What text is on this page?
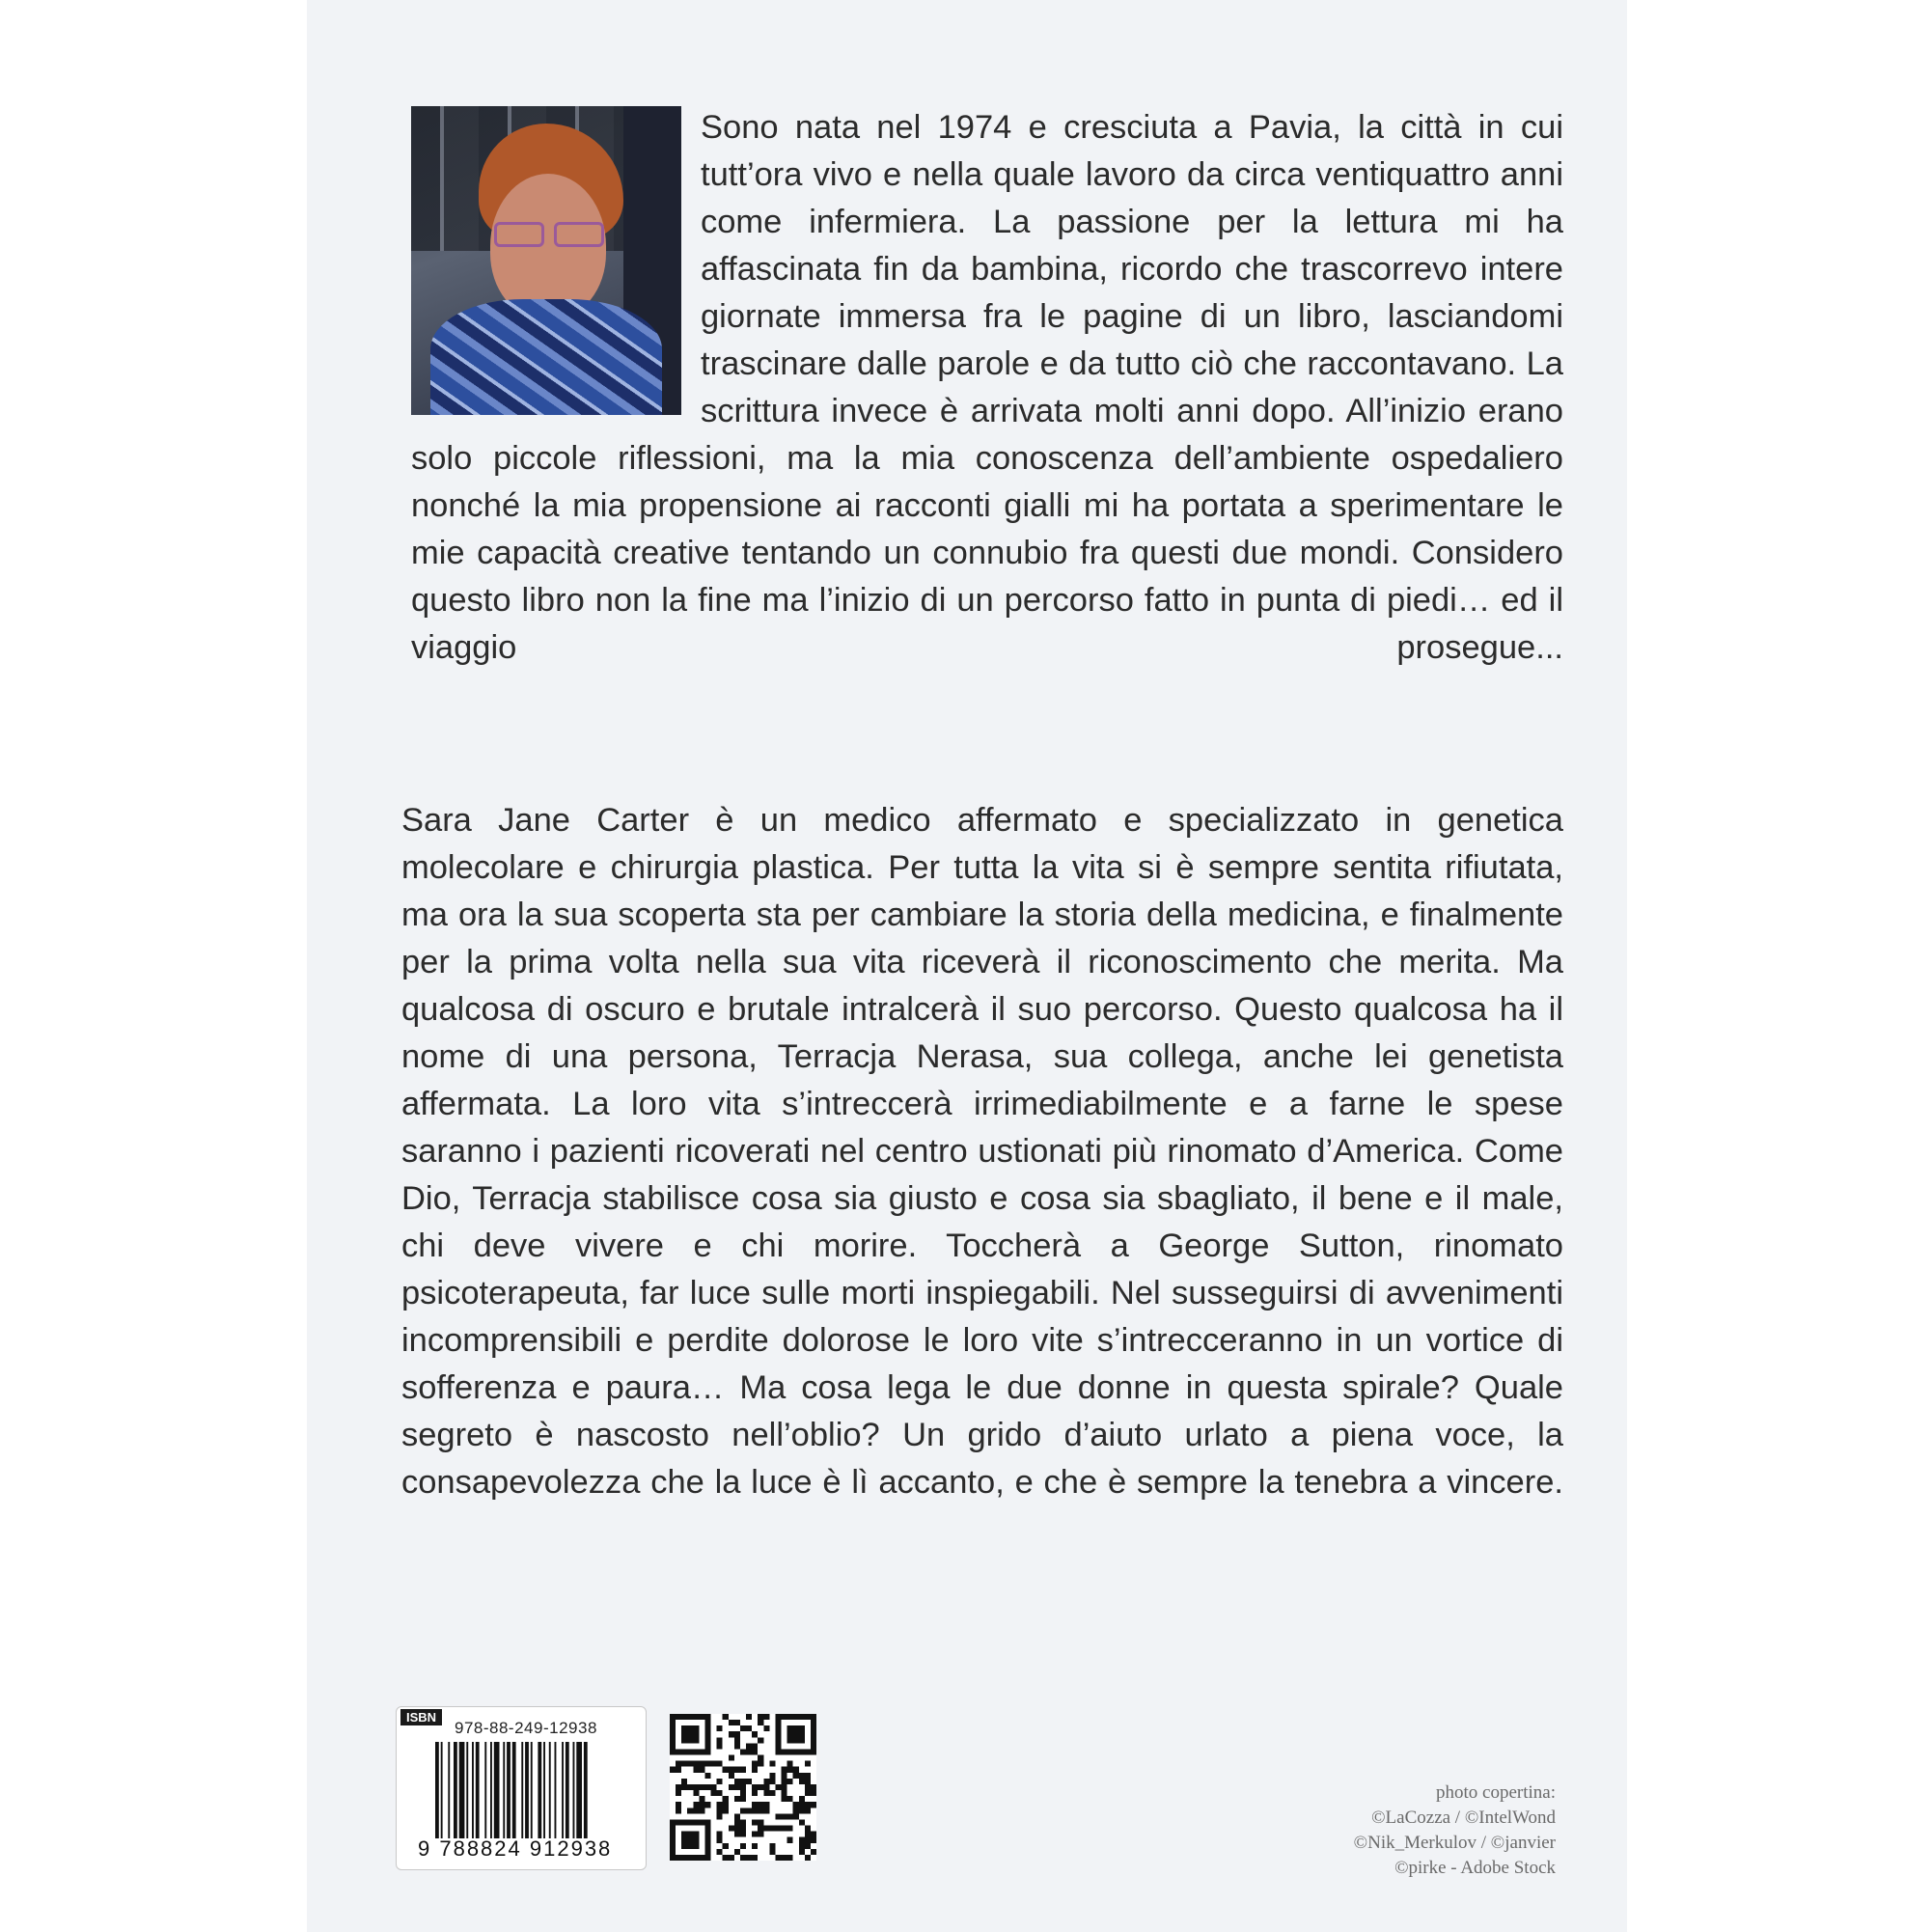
Sono nata nel 1974 e cresciuta a Pavia, la città in cui tutt’ora vivo e nella quale lavoro da circa ventiquattro anni come infermiera. La passione per la lettura mi ha affascinata fin da bambina, ricordo che trascorrevo intere giornate immersa fra le pagine di un libro, lasciandomi trascinare dalle parole e da tutto ciò che raccontavano. La scrittura invece è arrivata molti anni dopo. All’inizio erano solo piccole riflessioni, ma la mia conoscenza dell’ambiente ospedaliero nonché la mia propensione ai racconti gialli mi ha portata a sperimentare le mie capacità creative tentando un connubio fra questi due mondi. Considero questo libro non la fine ma l’inizio di un percorso fatto in punta di piedi… ed il viaggio prosegue...

Sara Jane Carter è un medico affermato e specializzato in genetica molecolare e chirurgia plastica. Per tutta la vita si è sempre sentita rifiutata, ma ora la sua scoperta sta per cambiare la storia della medicina, e finalmente per la prima volta nella sua vita riceverà il riconoscimento che merita. Ma qualcosa di oscuro e brutale intralcerà il suo percorso. Questo qualcosa ha il nome di una persona, Terracja Nerasa, sua collega, anche lei genetista affermata. La loro vita s’intreccerà irrimediabilmente e a farne le spese saranno i pazienti ricoverati nel centro ustionati più rinomato d’America. Come Dio, Terracja stabilisce cosa sia giusto e cosa sia sbagliato, il bene e il male, chi deve vivere e chi morire. Toccherà a George Sutton, rinomato psicoterapeuta, far luce sulle morti inspiegabili. Nel susseguirsi di avvenimenti incomprensibili e perdite dolorose le loro vite s’intrecceranno in un vortice di sofferenza e paura… Ma cosa lega le due donne in questa spirale? Quale segreto è nascosto nell’oblio? Un grido d’aiuto urlato a piena voce, la consapevolezza che la luce è lì accanto, e che è sempre la tenebra a vincere.

ISBN
978-88-249-12938
9 788824 912938
photo copertina:
©LaCozza / ©IntelWond
©Nik_Merkulov / ©janvier
©pirke - Adobe Stock
